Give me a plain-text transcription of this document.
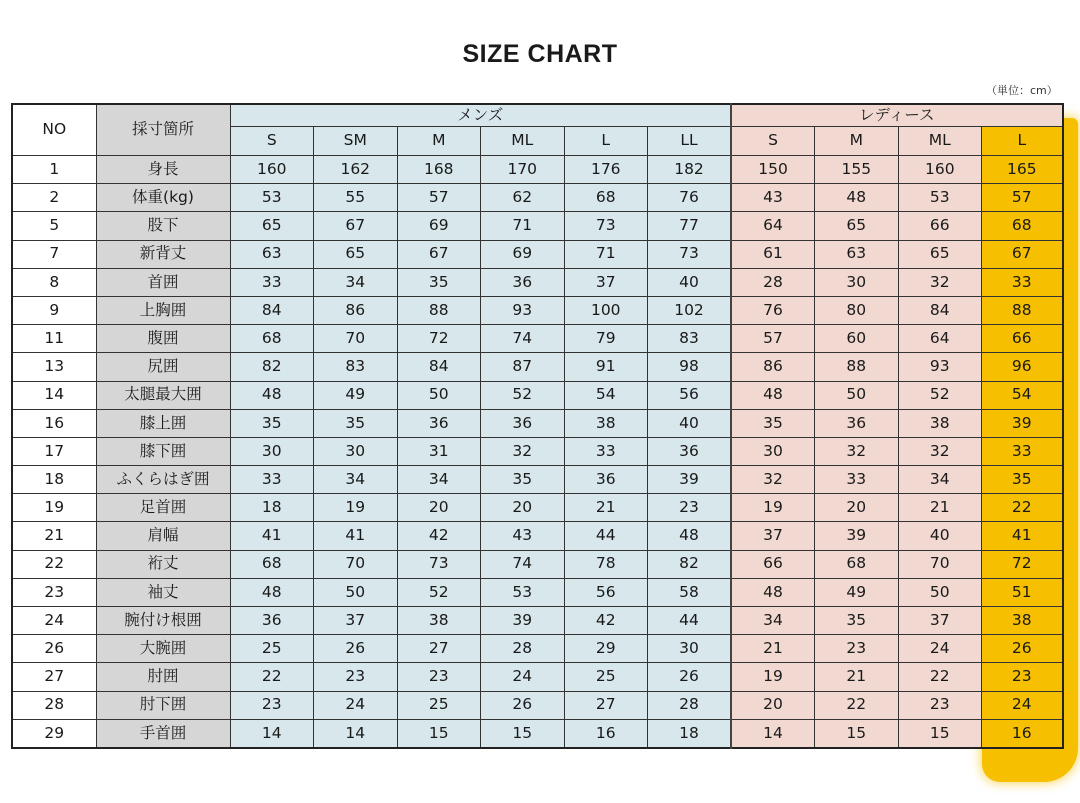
SIZE CHART
（単位：cm）
NO	採寸箇所	メンズ						レディース			
		S	SM	M	ML	L	LL	S	M	ML	L
1	身長	160	162	168	170	176	182	150	155	160	165
2	体重(kg)	53	55	57	62	68	76	43	48	53	57
5	股下	65	67	69	71	73	77	64	65	66	68
7	新背丈	63	65	67	69	71	73	61	63	65	67
8	首囲	33	34	35	36	37	40	28	30	32	33
9	上胸囲	84	86	88	93	100	102	76	80	84	88
11	腹囲	68	70	72	74	79	83	57	60	64	66
13	尻囲	82	83	84	87	91	98	86	88	93	96
14	太腿最大囲	48	49	50	52	54	56	48	50	52	54
16	膝上囲	35	35	36	36	38	40	35	36	38	39
17	膝下囲	30	30	31	32	33	36	30	32	32	33
18	ふくらはぎ囲	33	34	34	35	36	39	32	33	34	35
19	足首囲	18	19	20	20	21	23	19	20	21	22
21	肩幅	41	41	42	43	44	48	37	39	40	41
22	裄丈	68	70	73	74	78	82	66	68	70	72
23	袖丈	48	50	52	53	56	58	48	49	50	51
24	腕付け根囲	36	37	38	39	42	44	34	35	37	38
26	大腕囲	25	26	27	28	29	30	21	23	24	26
27	肘囲	22	23	23	24	25	26	19	21	22	23
28	肘下囲	23	24	25	26	27	28	20	22	23	24
29	手首囲	14	14	15	15	16	18	14	15	15	16
